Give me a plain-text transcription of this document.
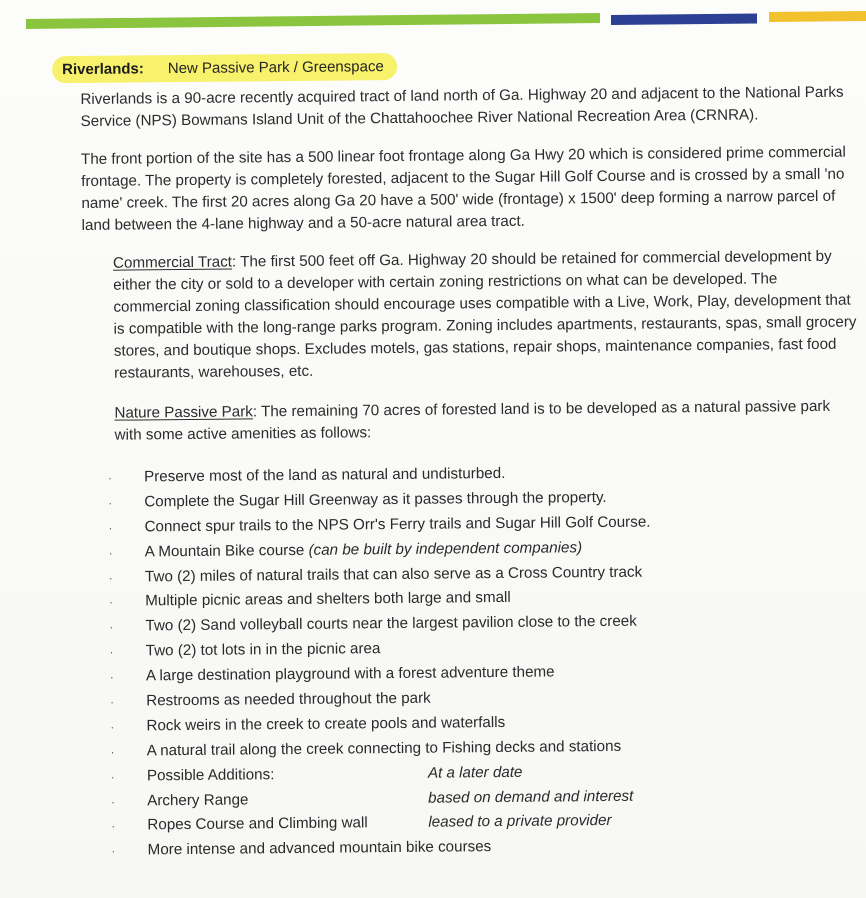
Riverlands: New Passive Park / Greenspace

Riverlands is a 90-acre recently acquired tract of land north of Ga. Highway 20 and adjacent to the National Parks Service (NPS) Bowmans Island Unit of the Chattahoochee River National Recreation Area (CRNRA).

The front portion of the site has a 500 linear foot frontage along Ga Hwy 20 which is considered prime commercial frontage. The property is completely forested, adjacent to the Sugar Hill Golf Course and is crossed by a small 'no name' creek. The first 20 acres along Ga 20 have a 500' wide (frontage) x 1500' deep forming a narrow parcel of land between the 4-lane highway and a 50-acre natural area tract.

Commercial Tract: The first 500 feet off Ga. Highway 20 should be retained for commercial development by either the city or sold to a developer with certain zoning restrictions on what can be developed. The commercial zoning classification should encourage uses compatible with a Live, Work, Play, development that is compatible with the long-range parks program. Zoning includes apartments, restaurants, spas, small grocery stores, and boutique shops. Excludes motels, gas stations, repair shops, maintenance companies, fast food restaurants, warehouses, etc.
Nature Passive Park: The remaining 70 acres of forested land is to be developed as a natural passive park with some active amenities as follows:
·	Preserve most of the land as natural and undisturbed.
·	Complete the Sugar Hill Greenway as it passes through the property.
·	Connect spur trails to the NPS Orr's Ferry trails and Sugar Hill Golf Course.
·	A Mountain Bike course (can be built by independent companies)
·	Two (2) miles of natural trails that can also serve as a Cross Country track
·	Multiple picnic areas and shelters both large and small
·	Two (2) Sand volleyball courts near the largest pavilion close to the creek
·	Two (2) tot lots in in the picnic area
·	A large destination playground with a forest adventure theme
·	Restrooms as needed throughout the park
·	Rock weirs in the creek to create pools and waterfalls
·	A natural trail along the creek connecting to Fishing decks and stations
·	Possible Additions:	At a later date
·	Archery Range	based on demand and interest
·	Ropes Course and Climbing wall	leased to a private provider
·	More intense and advanced mountain bike courses
